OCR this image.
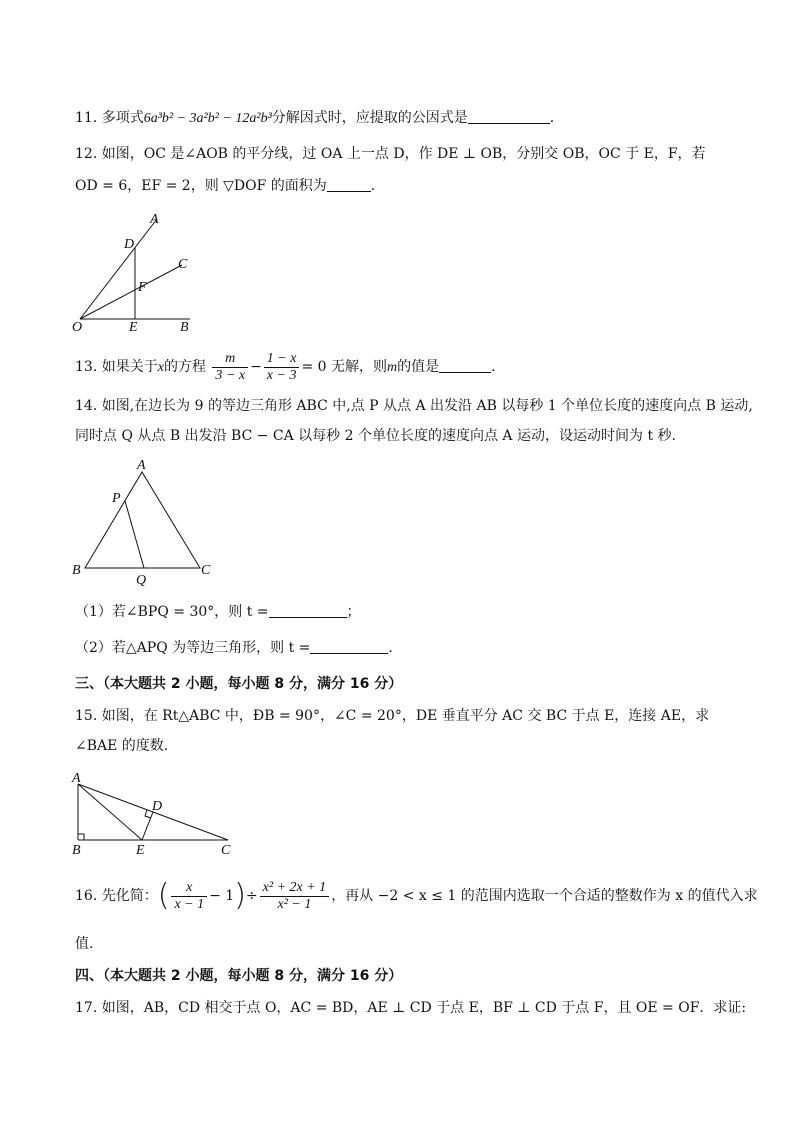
11. 多项式6a³b² − 3a²b² − 12a²b³分解因式时，应提取的公因式是	.
12. 如图，OC 是∠AOB 的平分线，过 OA 上一点 D，作 DE ⊥ OB，分别交 OB，OC 于 E，F，若
OD = 6，EF = 2，则 ▽DOF 的面积为	.
A
D
C
F
O	E	B
13. 如果关于x的方程 $\frac{m}{3 - x} - \frac{1 - x}{x - 3} = 0$ 无解，则m的值是	.
14. 如图,在边长为 9 的等边三角形 ABC 中,点 P 从点 A 出发沿 AB 以每秒 1 个单位长度的速度向点 B 运动,
同时点 Q 从点 B 出发沿 BC − CA 以每秒 2 个单位长度的速度向点 A 运动，设运动时间为 t 秒.
A
P
B
Q
C
（1）若∠BPQ = 30°，则 t =	；
（2）若△APQ 为等边三角形，则 t =	.
三、（本大题共 2 小题，每小题 8 分，满分 16 分）
15. 如图，在 Rt△ABC 中，ÐB = 90°，∠C = 20°，DE 垂直平分 AC 交 BC 于点 E，连接 AE，求
∠BAE 的度数.
A
D
B	E	C
16. 先化简：( $\frac{x}{x - 1} - 1)\div \frac{\text{x² + 2x + 1}}{\text{x² − 1}}$ ，再从 −2 < x ≤ 1 的范围内选取一个合适的整数作为 x 的值代入求
值.
四、（本大题共 2 小题，每小题 8 分，满分 16 分）
17. 如图，AB，CD 相交于点 O，AC = BD，AE ⊥ CD 于点 E，BF ⊥ CD 于点 F，且 OE = OF．求证:
